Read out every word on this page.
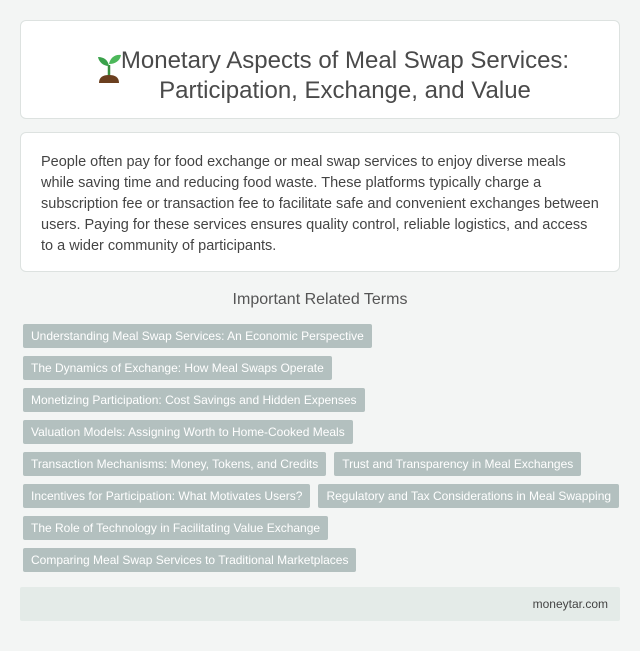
Monetary Aspects of Meal Swap Services: Participation, Exchange, and Value

People often pay for food exchange or meal swap services to enjoy diverse meals while saving time and reducing food waste. These platforms typically charge a subscription fee or transaction fee to facilitate safe and convenient exchanges between users. Paying for these services ensures quality control, reliable logistics, and access to a wider community of participants.

Important Related Terms
Understanding Meal Swap Services: An Economic Perspective
The Dynamics of Exchange: How Meal Swaps Operate
Monetizing Participation: Cost Savings and Hidden Expenses
Valuation Models: Assigning Worth to Home-Cooked Meals
Transaction Mechanisms: Money, Tokens, and Credits	Trust and Transparency in Meal Exchanges
Incentives for Participation: What Motivates Users?	Regulatory and Tax Considerations in Meal Swapping
The Role of Technology in Facilitating Value Exchange
Comparing Meal Swap Services to Traditional Marketplaces
moneytar.com
